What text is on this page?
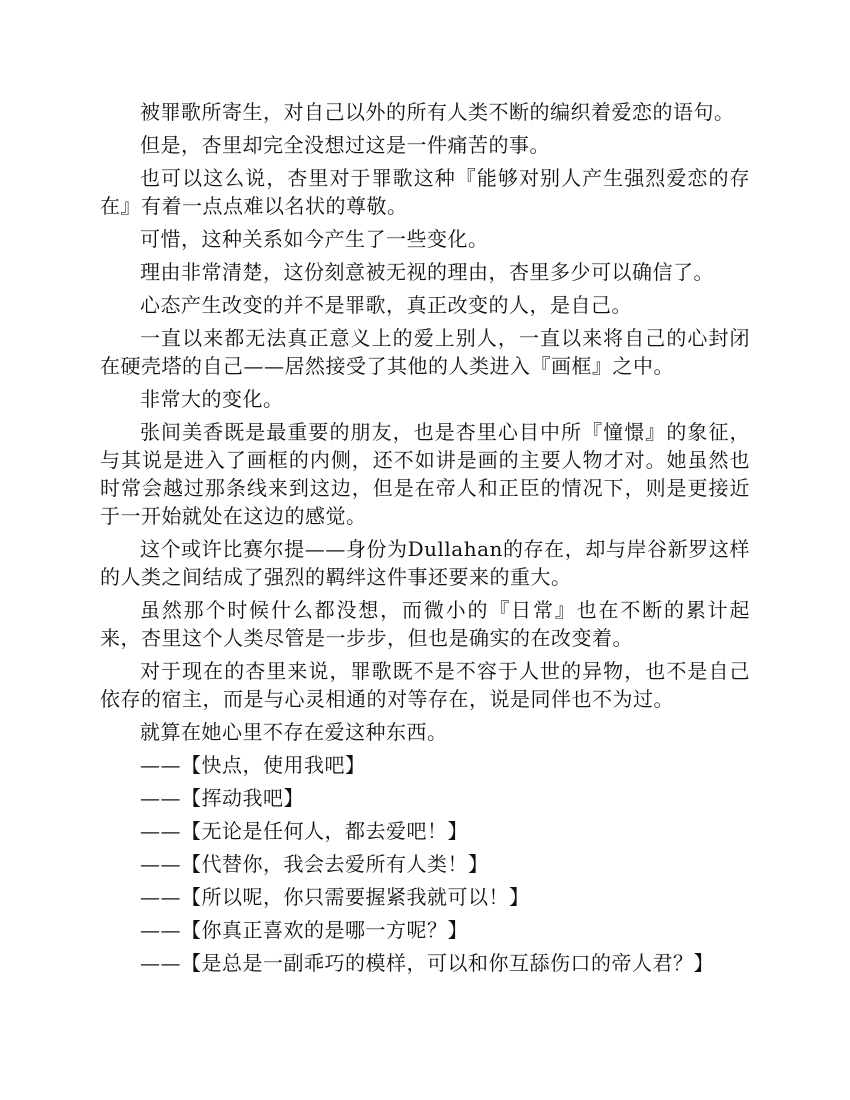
被罪歌所寄生，对自己以外的所有人类不断的编织着爱恋的语句。

但是，杏里却完全没想过这是一件痛苦的事。

也可以这么说，杏里对于罪歌这种『能够对别人产生强烈爱恋的存在』有着一点点难以名状的尊敬。

可惜，这种关系如今产生了一些变化。

理由非常清楚，这份刻意被无视的理由，杏里多少可以确信了。

心态产生改变的并不是罪歌，真正改变的人，是自己。

一直以来都无法真正意义上的爱上别人，一直以来将自己的心封闭在硬壳塔的自己——居然接受了其他的人类进入『画框』之中。

非常大的变化。

张间美香既是最重要的朋友，也是杏里心目中所『憧憬』的象征，与其说是进入了画框的内侧，还不如讲是画的主要人物才对。她虽然也时常会越过那条线来到这边，但是在帝人和正臣的情况下，则是更接近于一开始就处在这边的感觉。

这个或许比赛尔提——身份为Dullahan的存在，却与岸谷新罗这样的人类之间结成了强烈的羁绊这件事还要来的重大。

虽然那个时候什么都没想，而微小的『日常』也在不断的累计起来，杏里这个人类尽管是一步步，但也是确实的在改变着。

对于现在的杏里来说，罪歌既不是不容于人世的异物，也不是自己依存的宿主，而是与心灵相通的对等存在，说是同伴也不为过。

就算在她心里不存在爱这种东西。

——【快点，使用我吧】

——【挥动我吧】

——【无论是任何人，都去爱吧！】

——【代替你，我会去爱所有人类！】

——【所以呢，你只需要握紧我就可以！】

——【你真正喜欢的是哪一方呢？】

——【是总是一副乖巧的模样，可以和你互舔伤口的帝人君？】
